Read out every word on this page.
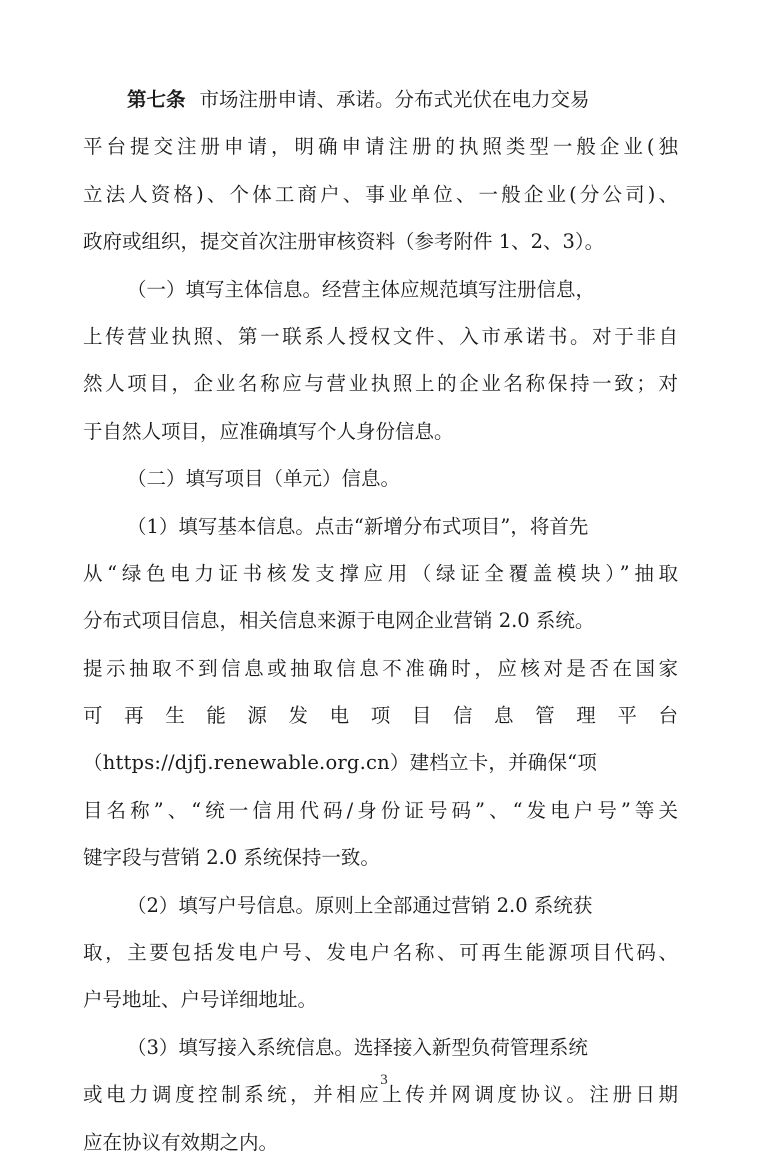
第七条 市场注册申请、承诺。分布式光伏在电力交易
平台提交注册申请，明确申请注册的执照类型一般企业(独
立法人资格)、个体工商户、事业单位、一般企业(分公司)、
政府或组织，提交首次注册审核资料（参考附件 1、2、3）。
（一）填写主体信息。经营主体应规范填写注册信息，
上传营业执照、第一联系人授权文件、入市承诺书。对于非自
然人项目，企业名称应与营业执照上的企业名称保持一致；对
于自然人项目，应准确填写个人身份信息。
（二）填写项目（单元）信息。
（1）填写基本信息。点击“新增分布式项目”，将首先
从“绿色电力证书核发支撑应用（绿证全覆盖模块）”抽取
分布式项目信息，相关信息来源于电网企业营销 2.0 系统。
提示抽取不到信息或抽取信息不准确时，应核对是否在国家
可再生能源发电项目信息管理平台
（https://djfj.renewable.org.cn）建档立卡，并确保“项
目名称”、“统一信用代码/身份证号码”、“发电户号”等关
键字段与营销 2.0 系统保持一致。
（2）填写户号信息。原则上全部通过营销 2.0 系统获
取，主要包括发电户号、发电户名称、可再生能源项目代码、
户号地址、户号详细地址。
（3）填写接入系统信息。选择接入新型负荷管理系统
或电力调度控制系统，并相应上传并网调度协议。注册日期
应在协议有效期之内。
3
